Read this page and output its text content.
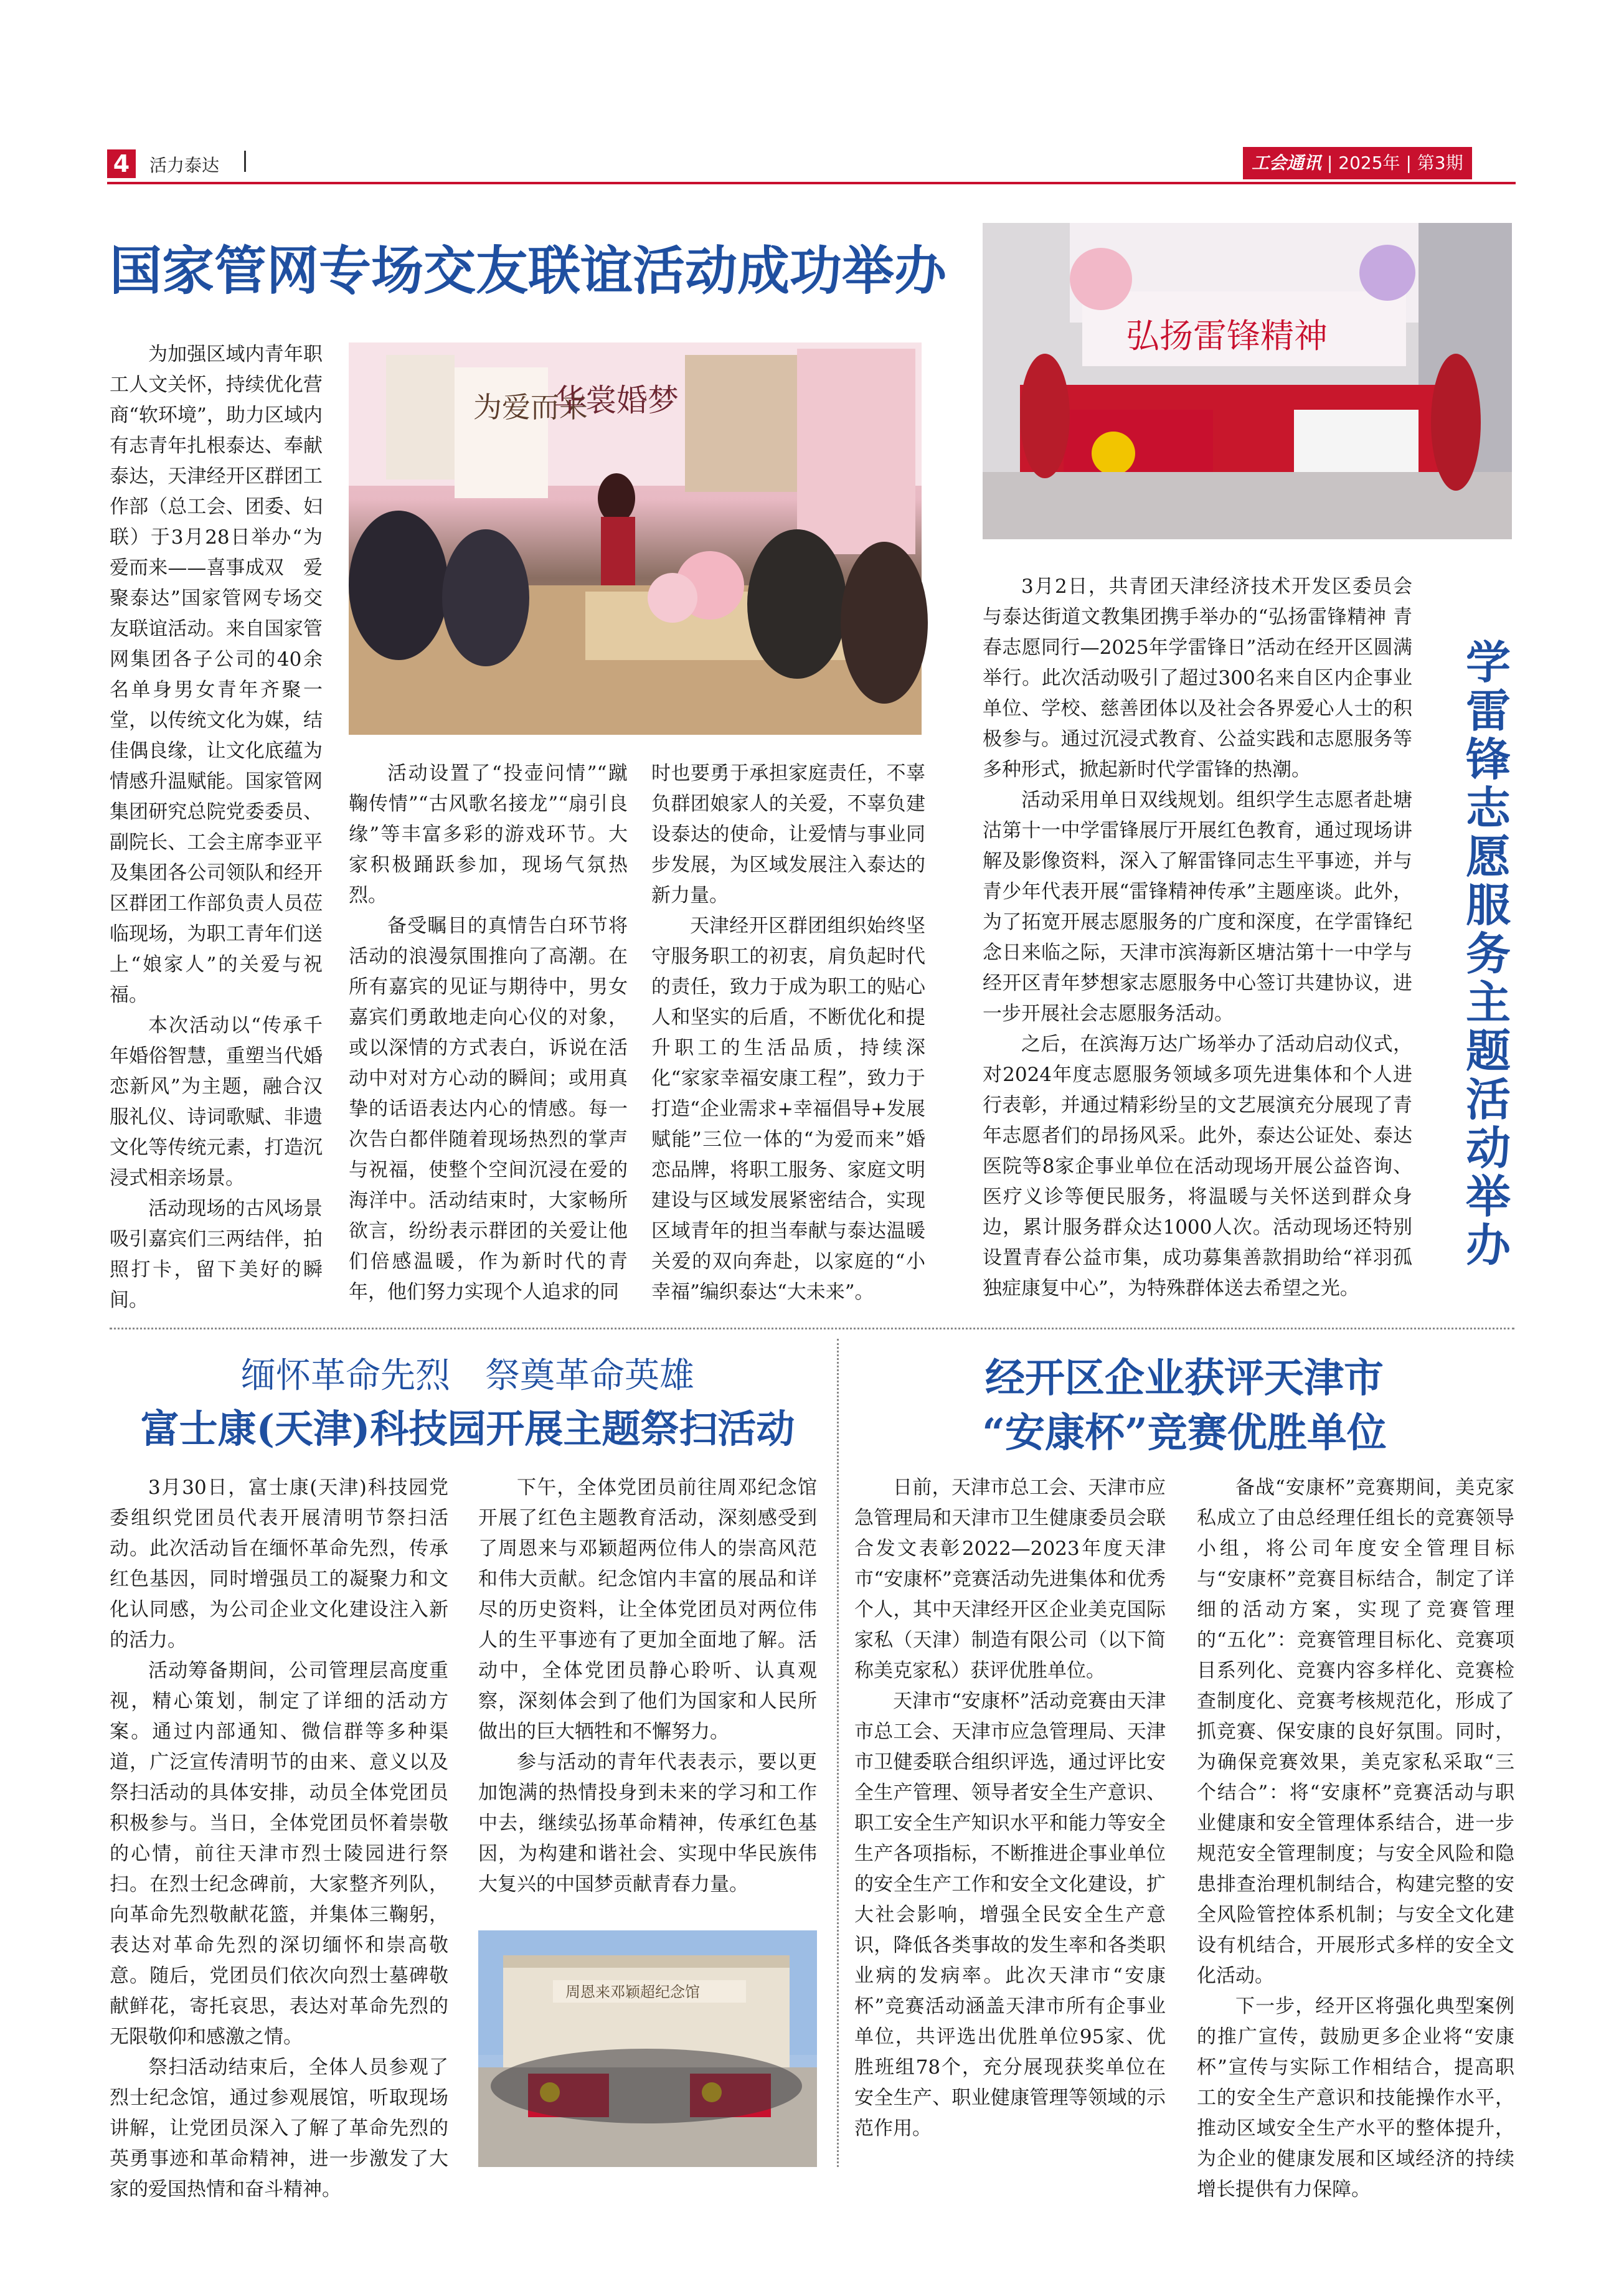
4	活力泰达	工会通讯 | 2025年 | 第3期
国家管网专场交友联谊活动成功举办

为加强区域内青年职工人文关怀，持续优化营商“软环境”，助力区域内有志青年扎根泰达、奉献泰达，天津经开区群团工作部（总工会、团委、妇联）于3月28日举办“为爱而来——喜事成双　爱聚泰达”国家管网专场交友联谊活动。来自国家管网集团各子公司的40余名单身男女青年齐聚一堂，以传统文化为媒，结佳偶良缘，让文化底蕴为情感升温赋能。国家管网集团研究总院党委委员、副院长、工会主席李亚平及集团各公司领队和经开区群团工作部负责人员莅临现场，为职工青年们送上“娘家人”的关爱与祝福。

本次活动以“传承千年婚俗智慧，重塑当代婚恋新风”为主题，融合汉服礼仪、诗词歌赋、非遗文化等传统元素，打造沉浸式相亲场景。

活动现场的古风场景吸引嘉宾们三两结伴，拍照打卡，留下美好的瞬间。

为爱而来
华裳婚梦

活动设置了“投壶问情”“蹴鞠传情”“古风歌名接龙”“扇引良缘”等丰富多彩的游戏环节。大家积极踊跃参加，现场气氛热烈。

备受瞩目的真情告白环节将活动的浪漫氛围推向了高潮。在所有嘉宾的见证与期待中，男女嘉宾们勇敢地走向心仪的对象，或以深情的方式表白，诉说在活动中对对方心动的瞬间；或用真挚的话语表达内心的情感。每一次告白都伴随着现场热烈的掌声与祝福，使整个空间沉浸在爱的海洋中。活动结束时，大家畅所欲言，纷纷表示群团的关爱让他们倍感温暖，作为新时代的青年，他们努力实现个人追求的同

时也要勇于承担家庭责任，不辜负群团娘家人的关爱，不辜负建设泰达的使命，让爱情与事业同步发展，为区域发展注入泰达的新力量。

天津经开区群团组织始终坚守服务职工的初衷，肩负起时代的责任，致力于成为职工的贴心人和坚实的后盾，不断优化和提升职工的生活品质，持续深化“家家幸福安康工程”，致力于打造“企业需求+幸福倡导+发展赋能”三位一体的“为爱而来”婚恋品牌，将职工服务、家庭文明建设与区域发展紧密结合，实现区域青年的担当奉献与泰达温暖关爱的双向奔赴，以家庭的“小幸福”编织泰达“大未来”。

弘扬雷锋精神
学雷锋志愿服务主题活动举办

3月2日，共青团天津经济技术开发区委员会与泰达街道文教集团携手举办的“弘扬雷锋精神 青春志愿同行—2025年学雷锋日”活动在经开区圆满举行。此次活动吸引了超过300名来自区内企事业单位、学校、慈善团体以及社会各界爱心人士的积极参与。通过沉浸式教育、公益实践和志愿服务等多种形式，掀起新时代学雷锋的热潮。

活动采用单日双线规划。组织学生志愿者赴塘沽第十一中学雷锋展厅开展红色教育，通过现场讲解及影像资料，深入了解雷锋同志生平事迹，并与青少年代表开展“雷锋精神传承”主题座谈。此外，为了拓宽开展志愿服务的广度和深度，在学雷锋纪念日来临之际，天津市滨海新区塘沽第十一中学与经开区青年梦想家志愿服务中心签订共建协议，进一步开展社会志愿服务活动。

之后，在滨海万达广场举办了活动启动仪式，对2024年度志愿服务领域多项先进集体和个人进行表彰，并通过精彩纷呈的文艺展演充分展现了青年志愿者们的昂扬风采。此外，泰达公证处、泰达医院等8家企事业单位在活动现场开展公益咨询、医疗义诊等便民服务，将温暖与关怀送到群众身边，累计服务群众达1000人次。活动现场还特别设置青春公益市集，成功募集善款捐助给“祥羽孤独症康复中心”，为特殊群体送去希望之光。

缅怀革命先烈　祭奠革命英雄
富士康(天津)科技园开展主题祭扫活动

3月30日，富士康(天津)科技园党委组织党团员代表开展清明节祭扫活动。此次活动旨在缅怀革命先烈，传承红色基因，同时增强员工的凝聚力和文化认同感，为公司企业文化建设注入新的活力。

活动筹备期间，公司管理层高度重视，精心策划，制定了详细的活动方案。通过内部通知、微信群等多种渠道，广泛宣传清明节的由来、意义以及祭扫活动的具体安排，动员全体党团员积极参与。当日，全体党团员怀着崇敬的心情，前往天津市烈士陵园进行祭扫。在烈士纪念碑前，大家整齐列队，向革命先烈敬献花篮，并集体三鞠躬，表达对革命先烈的深切缅怀和崇高敬意。随后，党团员们依次向烈士墓碑敬献鲜花，寄托哀思，表达对革命先烈的无限敬仰和感激之情。

祭扫活动结束后，全体人员参观了烈士纪念馆，通过参观展馆，听取现场讲解，让党团员深入了解了革命先烈的英勇事迹和革命精神，进一步激发了大家的爱国热情和奋斗精神。

下午，全体党团员前往周邓纪念馆开展了红色主题教育活动，深刻感受到了周恩来与邓颖超两位伟人的崇高风范和伟大贡献。纪念馆内丰富的展品和详尽的历史资料，让全体党团员对两位伟人的生平事迹有了更加全面地了解。活动中，全体党团员静心聆听、认真观察，深刻体会到了他们为国家和人民所做出的巨大牺牲和不懈努力。

参与活动的青年代表表示，要以更加饱满的热情投身到未来的学习和工作中去，继续弘扬革命精神，传承红色基因，为构建和谐社会、实现中华民族伟大复兴的中国梦贡献青春力量。

周恩来邓颖超纪念馆
经开区企业获评天津市
“安康杯”竞赛优胜单位

日前，天津市总工会、天津市应急管理局和天津市卫生健康委员会联合发文表彰2022—2023年度天津市“安康杯”竞赛活动先进集体和优秀个人，其中天津经开区企业美克国际家私（天津）制造有限公司（以下简称美克家私）获评优胜单位。

天津市“安康杯”活动竞赛由天津市总工会、天津市应急管理局、天津市卫健委联合组织评选，通过评比安全生产管理、领导者安全生产意识、职工安全生产知识水平和能力等安全生产各项指标，不断推进企事业单位的安全生产工作和安全文化建设，扩大社会影响，增强全民安全生产意识，降低各类事故的发生率和各类职业病的发病率。此次天津市“安康杯”竞赛活动涵盖天津市所有企事业单位，共评选出优胜单位95家、优胜班组78个，充分展现获奖单位在安全生产、职业健康管理等领域的示范作用。

备战“安康杯”竞赛期间，美克家私成立了由总经理任组长的竞赛领导小组，将公司年度安全管理目标与“安康杯”竞赛目标结合，制定了详细的活动方案，实现了竞赛管理的“五化”：竞赛管理目标化、竞赛项目系列化、竞赛内容多样化、竞赛检查制度化、竞赛考核规范化，形成了抓竞赛、保安康的良好氛围。同时，为确保竞赛效果，美克家私采取“三个结合”：将“安康杯”竞赛活动与职业健康和安全管理体系结合，进一步规范安全管理制度；与安全风险和隐患排查治理机制结合，构建完整的安全风险管控体系机制；与安全文化建设有机结合，开展形式多样的安全文化活动。

下一步，经开区将强化典型案例的推广宣传，鼓励更多企业将“安康杯”宣传与实际工作相结合，提高职工的安全生产意识和技能操作水平，推动区域安全生产水平的整体提升，为企业的健康发展和区域经济的持续增长提供有力保障。
